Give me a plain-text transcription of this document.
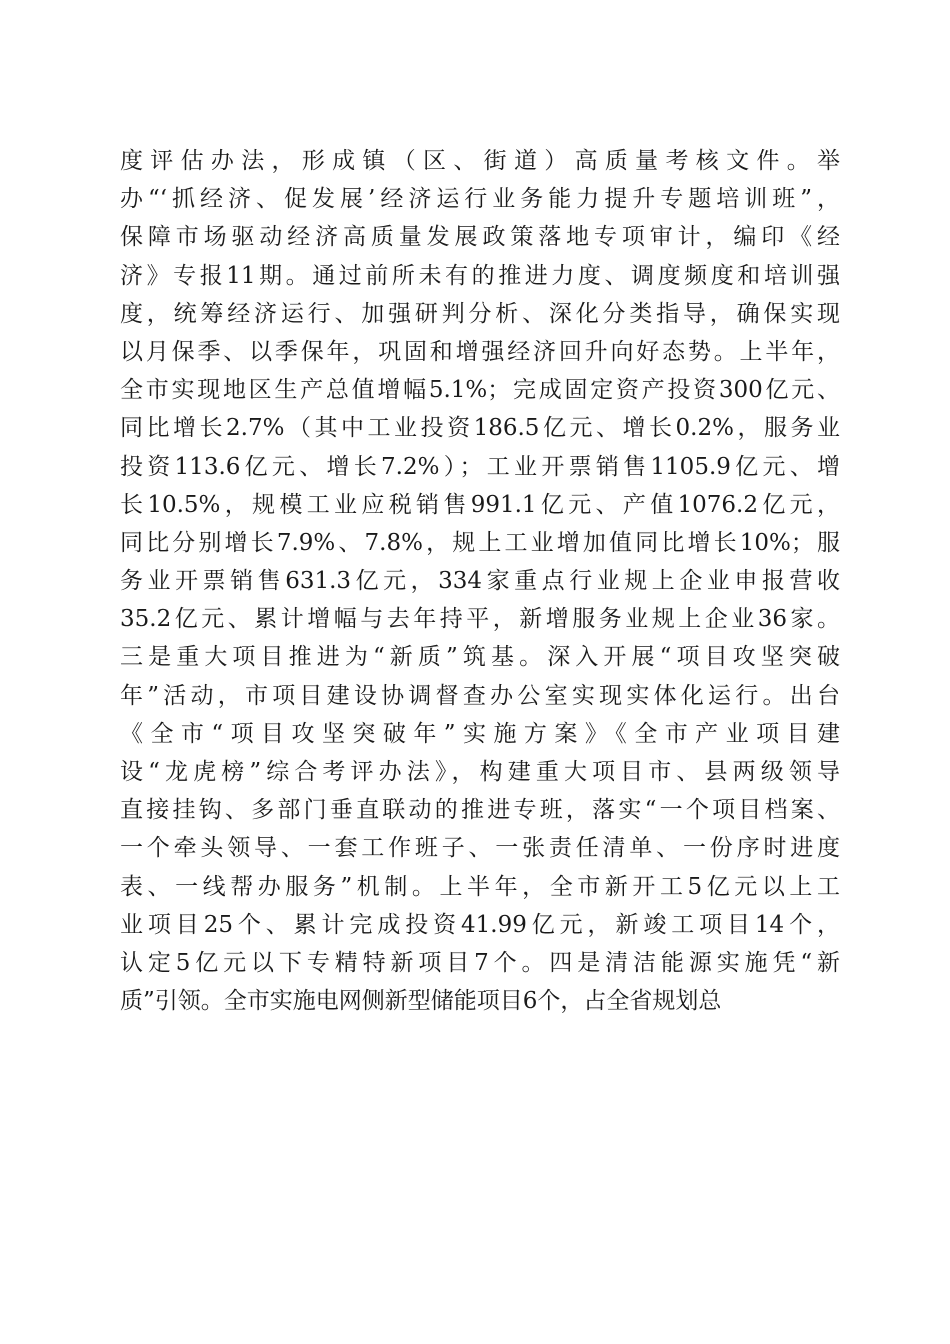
度评估办法，形成镇（区、街道）高质量考核文件。举
办“‘抓经济、促发展’经济运行业务能力提升专题培训班”，
保障市场驱动经济高质量发展政策落地专项审计，编印《经
济》专报11期。通过前所未有的推进力度、调度频度和培训强
度，统筹经济运行、加强研判分析、深化分类指导，确保实现
以月保季、以季保年，巩固和增强经济回升向好态势。上半年，
全市实现地区生产总值增幅5.1%；完成固定资产投资300亿元、
同比增长2.7%（其中工业投资186.5亿元、增长0.2%，服务业
投资113.6亿元、增长7.2%）；工业开票销售1105.9亿元、增
长10.5%，规模工业应税销售991.1亿元、产值1076.2亿元，
同比分别增长7.9%、7.8%，规上工业增加值同比增长10%；服
务业开票销售631.3亿元，334家重点行业规上企业申报营收
35.2亿元、累计增幅与去年持平，新增服务业规上企业36家。
三是重大项目推进为“新质”筑基。深入开展“项目攻坚突破
年”活动，市项目建设协调督查办公室实现实体化运行。出台
《全市“项目攻坚突破年”实施方案》《全市产业项目建
设“龙虎榜”综合考评办法》，构建重大项目市、县两级领导
直接挂钩、多部门垂直联动的推进专班，落实“一个项目档案、
一个牵头领导、一套工作班子、一张责任清单、一份序时进度
表、一线帮办服务”机制。上半年，全市新开工5亿元以上工
业项目25个、累计完成投资41.99亿元，新竣工项目14个，
认定5亿元以下专精特新项目7个。四是清洁能源实施凭“新
质”引领。全市实施电网侧新型储能项目6个，占全省规划总
